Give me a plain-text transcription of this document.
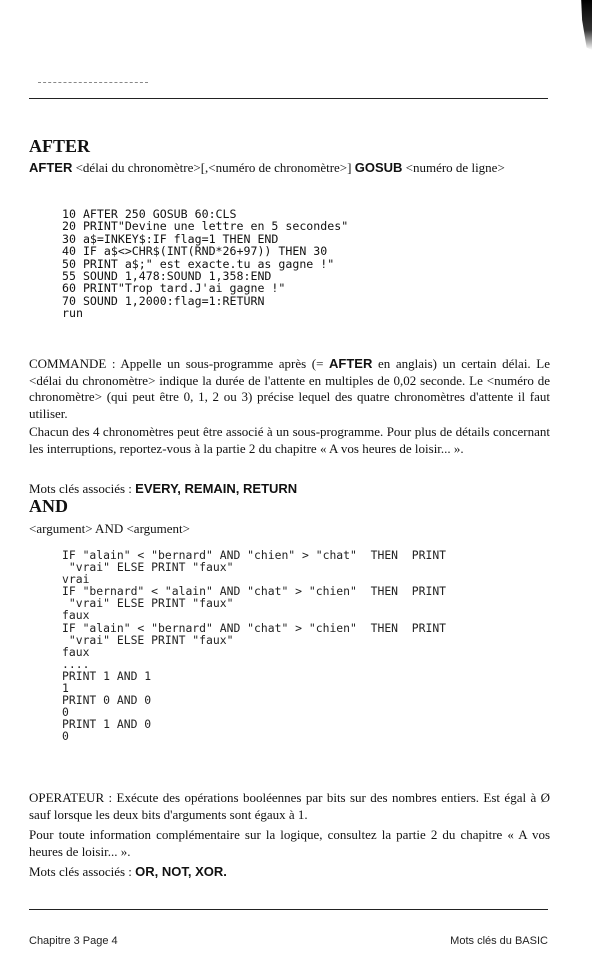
AFTER
AFTER <délai du chronomètre>[,<numéro de chronomètre>] GOSUB <numéro de ligne>
10 AFTER 250 GOSUB 60:CLS
20 PRINT"Devine une lettre en 5 secondes"
30 a$=INKEY$:IF flag=1 THEN END
40 IF a$<>CHR$(INT(RND*26+97)) THEN 30
50 PRINT a$;" est exacte.tu as gagne !"
55 SOUND 1,478:SOUND 1,358:END
60 PRINT"Trop tard.J'ai gagne !"
70 SOUND 1,2000:flag=1:RETURN
run
COMMANDE : Appelle un sous-programme après (= AFTER en anglais) un certain délai. Le <délai du chronomètre> indique la durée de l'attente en multiples de 0,02 seconde. Le <numéro de chronomètre> (qui peut être 0, 1, 2 ou 3) précise lequel des quatre chronomètres d'attente il faut utiliser.
Chacun des 4 chronomètres peut être associé à un sous-programme. Pour plus de détails concernant les interruptions, reportez-vous à la partie 2 du chapitre « A vos heures de loisir... ».
Mots clés associés : EVERY, REMAIN, RETURN
AND
<argument> AND <argument>
IF "alain" < "bernard" AND "chien" > "chat"  THEN  PRINT
"vrai" ELSE PRINT "faux"
vrai
IF "bernard" < "alain" AND "chat" > "chien"  THEN  PRINT
"vrai" ELSE PRINT "faux"
faux
IF "alain" < "bernard" AND "chat" > "chien"  THEN  PRINT
"vrai" ELSE PRINT "faux"
faux
....
PRINT 1 AND 1
1
PRINT 0 AND 0
0
PRINT 1 AND 0
0
OPERATEUR : Exécute des opérations booléennes par bits sur des nombres entiers. Est égal à Ø sauf lorsque les deux bits d'arguments sont égaux à 1.
Pour toute information complémentaire sur la logique, consultez la partie 2 du chapitre « A vos heures de loisir... ».
Mots clés associés : OR, NOT, XOR.
Chapitre 3 Page 4	Mots clés du BASIC
